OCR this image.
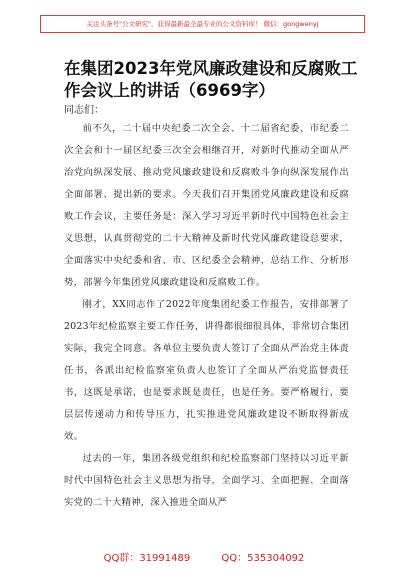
关注头条号"公文研究"，获得最新最全最专业的公文资料库！ 微信：gongwenyj
在集团2023年党风廉政建设和反腐败工作会议上的讲话（6969字）
同志们：

前不久，二十届中央纪委二次全会、十二届省纪委、市纪委二次全会和十一届区纪委三次全会相继召开，对新时代推动全面从严治党向纵深发展、推动党风廉政建设和反腐败斗争向纵深发展作出全面部署、提出新的要求。今天我们召开集团党风廉政建设和反腐败工作会议，主要任务是：深入学习习近平新时代中国特色社会主义思想，认真贯彻党的二十大精神及新时代党风廉政建设总要求，全面落实中央纪委和省、市、区纪委全会精神，总结工作、分析形势，部署今年集团党风廉政建设和反腐败工作。

刚才，XX同志作了2022年度集团纪委工作报告，安排部署了2023年纪检监察主要工作任务，讲得都很细很具体，非常切合集团实际，我完全同意。各单位主要负责人签订了全面从严治党主体责任书，各派出纪检监察室负责人也签订了全面从严治党监督责任书，这既是承诺，也是要求既是责任，也是任务。要严格履行，要层层传递动力和传导压力，扎实推进党风廉政建设不断取得新成效。

过去的一年，集团各级党组织和纪检监察部门坚持以习近平新时代中国特色社会主义思想为指导，全面学习、全面把握、全面落实党的二十大精神，深入推进全面从严

QQ群：31991489	QQ：535304092
